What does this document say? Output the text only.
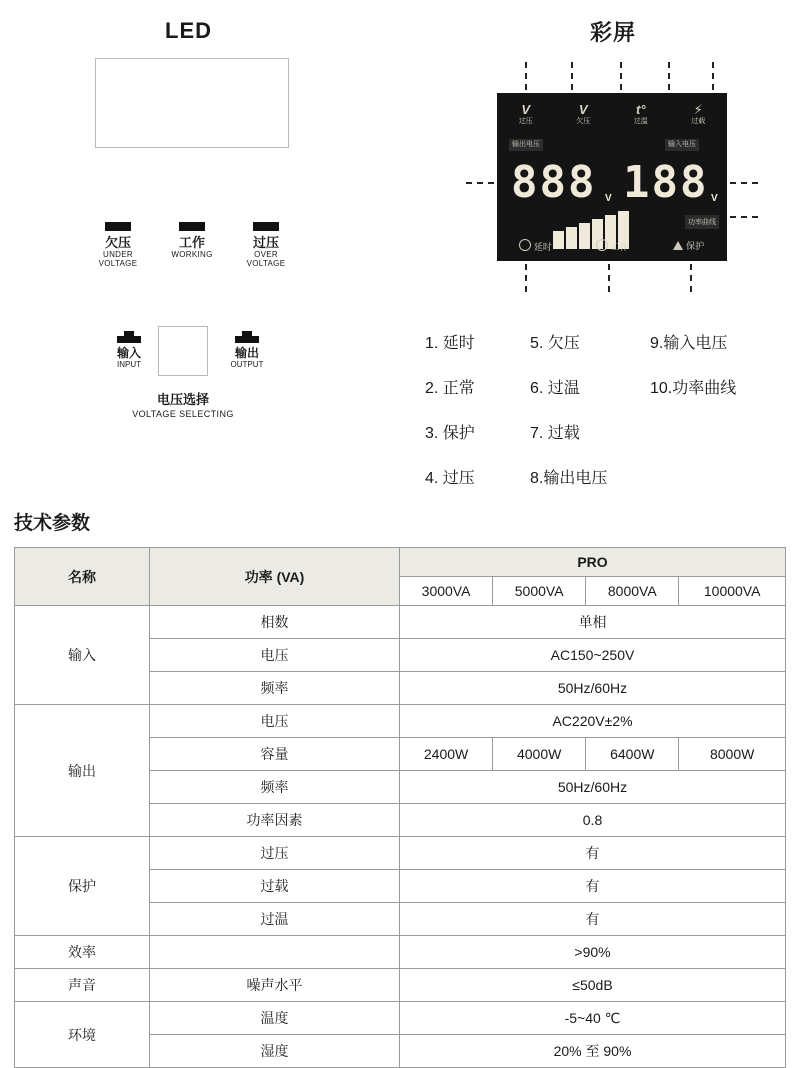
LED	彩屏
欠压
UNDER
VOLTAGE
工作
WORKING
过压
OVER
VOLTAGE
输入
INPUT
输出
OUTPUT
电压选择
VOLTAGE SELECTING
V
过压
V
欠压
t°
过温
⚡
过载
输出电压	输入电压
888 V 188 V
功率曲线
延时	工作	保护
1. 延时	5. 欠压	9.输入电压
2. 正常	6. 过温	10.功率曲线
3. 保护	7. 过载
4. 过压	8.输出电压
技术参数
名称	功率 (VA)	PRO			
		3000VA	5000VA	8000VA	10000VA
输入	相数	单相			
	电压	AC150~250V			
	频率	50Hz/60Hz			
输出	电压	AC220V±2%			
	容量	2400W	4000W	6400W	8000W
	频率	50Hz/60Hz			
	功率因素	0.8			
保护	过压	有			
	过载	有			
	过温	有			
效率		>90%			
声音	噪声水平	≤50dB			
环境	温度	-5~40 ℃			
	湿度	20% 至 90%			
